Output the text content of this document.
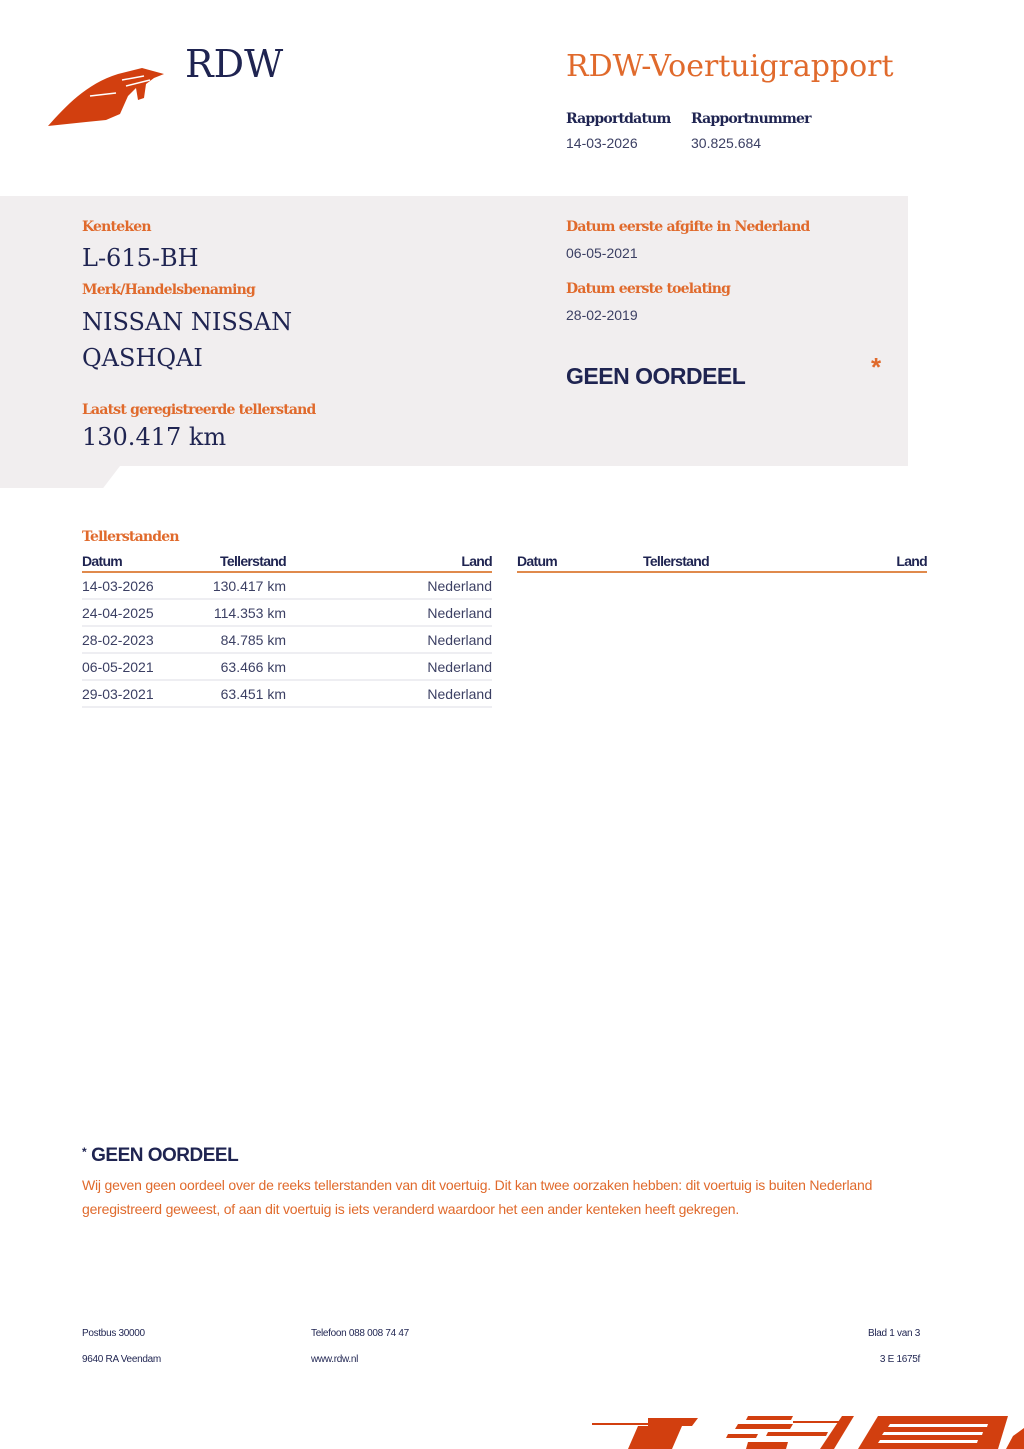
RDW	RDW-Voertuigrapport
Rapportdatum
14-03-2026
Rapportnummer
30.825.684
Kenteken
L-615-BH
Merk/Handelsbenaming
NISSAN NISSAN
QASHQAI
Laatst geregistreerde tellerstand
130.417 km
Datum eerste afgifte in Nederland
06-05-2021
Datum eerste toelating
28-02-2019
GEEN OORDEEL	*
Tellerstanden
Datum	Tellerstand	Land
14-03-2026	130.417 km	Nederland
24-04-2025	114.353 km	Nederland
28-02-2023	84.785 km	Nederland
06-05-2021	63.466 km	Nederland
29-03-2021	63.451 km	Nederland
Datum	Tellerstand	Land
* GEEN OORDEEL
Wij geven geen oordeel over de reeks tellerstanden van dit voertuig. Dit kan twee oorzaken hebben: dit voertuig is buiten Nederland geregistreerd geweest, of aan dit voertuig is iets veranderd waardoor het een ander kenteken heeft gekregen.
Postbus 30000
9640 RA Veendam
Telefoon 088 008 74 47
www.rdw.nl
Blad 1 van 3
3 E 1675f
